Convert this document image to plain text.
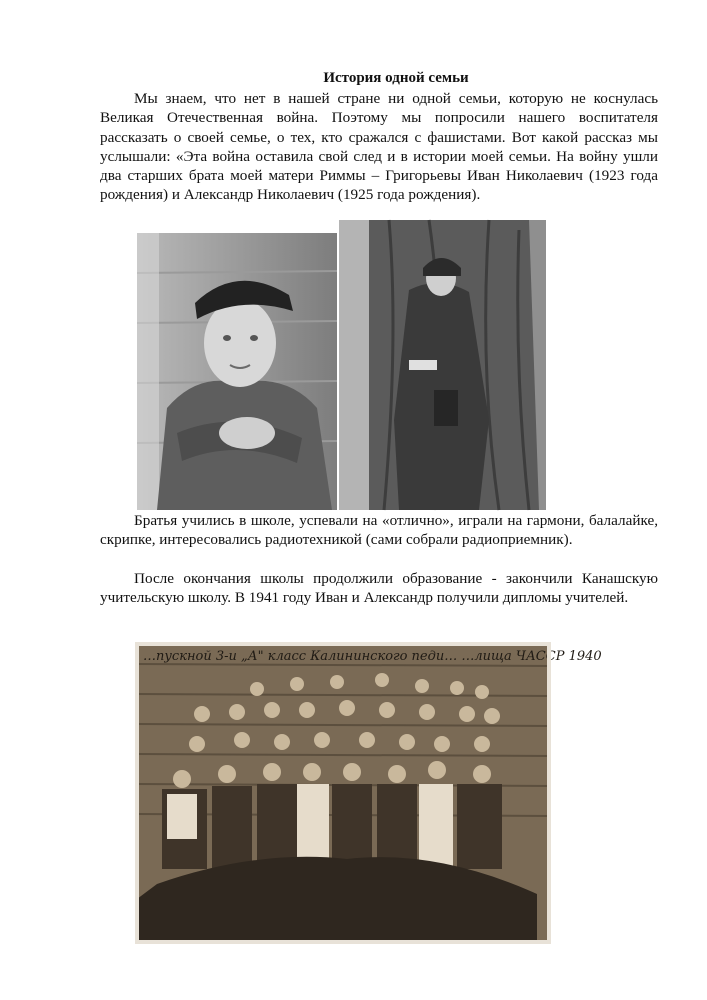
История одной семьи

Мы знаем, что нет в нашей стране ни одной семьи, которую не коснулась Великая Отечественная война. Поэтому мы попросили нашего воспитателя рассказать о своей семье, о тех, кто сражался с фашистами. Вот какой рассказ мы услышали: «Эта война оставила свой след и в истории моей семьи. На войну ушли два старших брата моей матери Риммы – Григорьевы Иван Николаевич (1923 года рождения) и Александр Николаевич (1925 года рождения).

Братья учились в школе, успевали на «отлично», играли на гармони, балалайке, скрипке, интересовались радиотехникой (сами собрали радиоприемник).

После окончания школы продолжили образование - закончили Канашскую учительскую школу. В 1941 году Иван и Александр получили дипломы учителей.

…пускной 3-и „А" класс Калининского педи… …лища ЧАССР 1940
